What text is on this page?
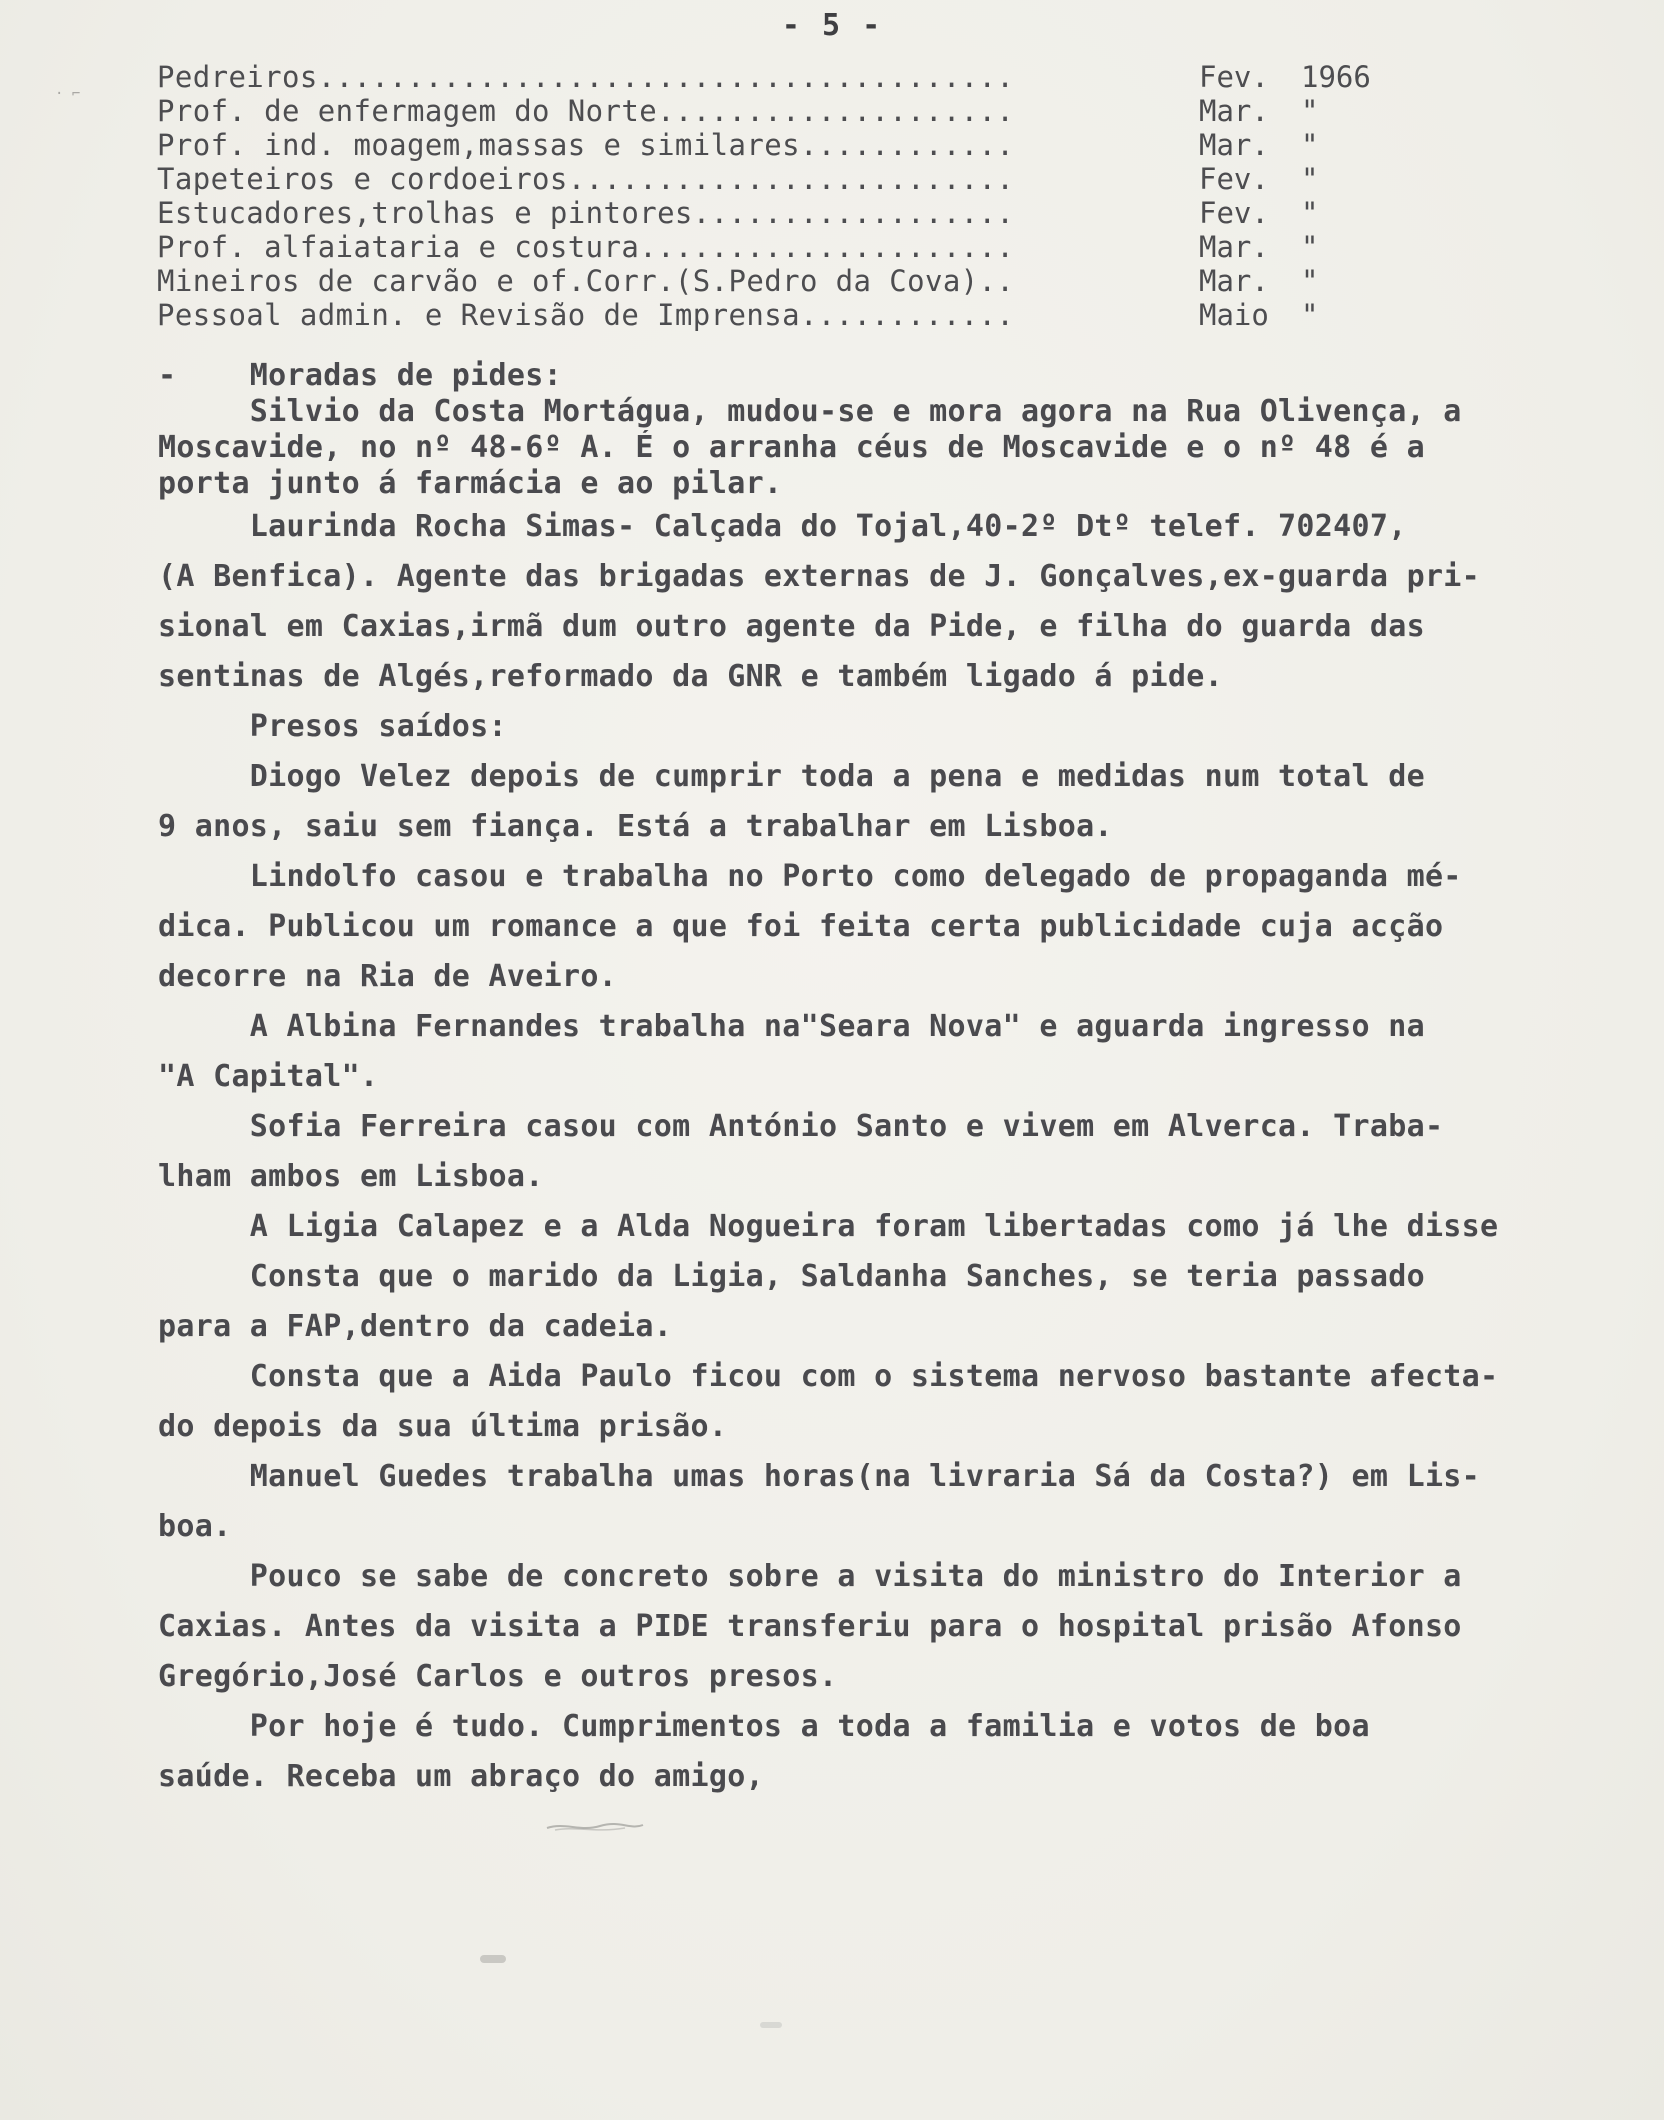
· ⌐
- 5 -
Pedreiros.......................................	Fev.	1966
Prof. de enfermagem do Norte....................	Mar.	"
Prof. ind. moagem,massas e similares............	Mar.	"
Tapeteiros e cordoeiros.........................	Fev.	"
Estucadores,trolhas e pintores..................	Fev.	"
Prof. alfaiataria e costura.....................	Mar.	"
Mineiros de carvão e of.Corr.(S.Pedro da Cova)..	Mar.	"
Pessoal admin. e Revisão de Imprensa............	Maio	"
-    Moradas de pides:
Silvio da Costa Mortágua, mudou-se e mora agora na Rua Olivença, a
Moscavide, no nº 48-6º A. É o arranha céus de Moscavide e o nº 48 é a
porta junto á farmácia e ao pilar.
Laurinda Rocha Simas- Calçada do Tojal,40-2º Dtº telef. 702407,
(A Benfica). Agente das brigadas externas de J. Gonçalves,ex-guarda pri-
sional em Caxias,irmã dum outro agente da Pide, e filha do guarda das
sentinas de Algés,reformado da GNR e também ligado á pide.
Presos saídos:
Diogo Velez depois de cumprir toda a pena e medidas num total de
9 anos, saiu sem fiança. Está a trabalhar em Lisboa.
Lindolfo casou e trabalha no Porto como delegado de propaganda mé-
dica. Publicou um romance a que foi feita certa publicidade cuja acção
decorre na Ria de Aveiro.
A Albina Fernandes trabalha na"Seara Nova" e aguarda ingresso na
"A Capital".
Sofia Ferreira casou com António Santo e vivem em Alverca. Traba-
lham ambos em Lisboa.
A Ligia Calapez e a Alda Nogueira foram libertadas como já lhe disse
Consta que o marido da Ligia, Saldanha Sanches, se teria passado
para a FAP,dentro da cadeia.
Consta que a Aida Paulo ficou com o sistema nervoso bastante afecta-
do depois da sua última prisão.
Manuel Guedes trabalha umas horas(na livraria Sá da Costa?) em Lis-
boa.
Pouco se sabe de concreto sobre a visita do ministro do Interior a
Caxias. Antes da visita a PIDE transferiu para o hospital prisão Afonso
Gregório,José Carlos e outros presos.
Por hoje é tudo. Cumprimentos a toda a familia e votos de boa
saúde. Receba um abraço do amigo,
